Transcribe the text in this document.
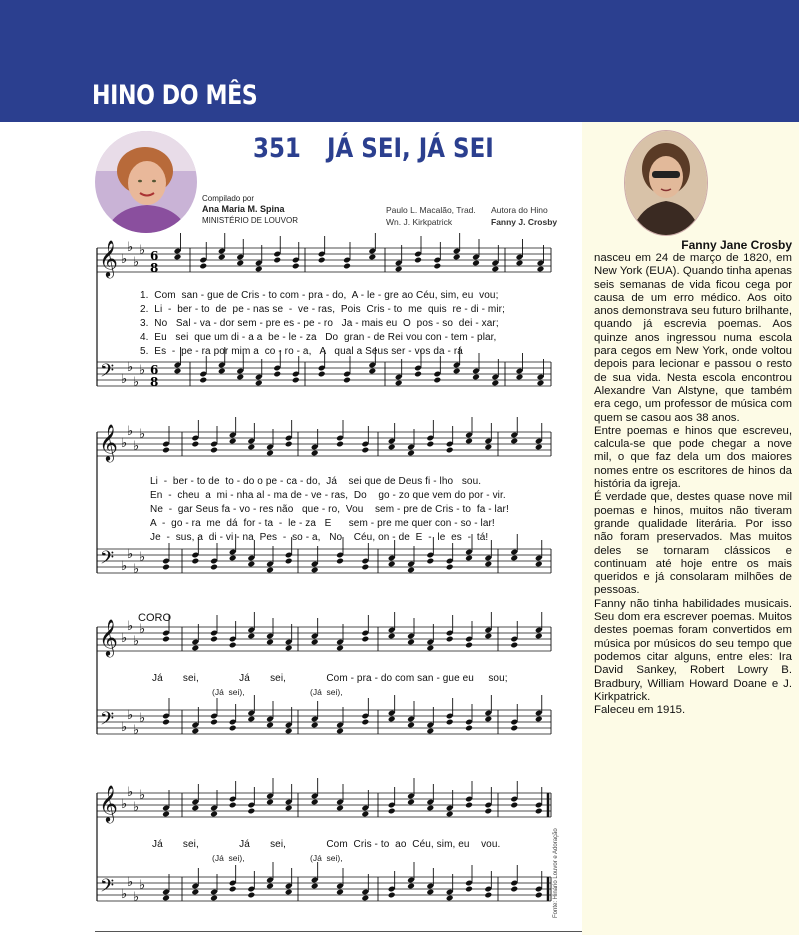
HINO DO MÊS
351 JÁ SEI, JÁ SEI
Compilado por
Ana Maria M. Spina
MINISTÉRIO DE LOUVOR
Paulo L. Macalão, Trad.
Wn. J. Kirkpatrick
Autora do Hino
Fanny J. Crosby
𝄞
𝄢
♭
♭
♭
♭
♭
♭
♭
♭
6
8
6
8
𝄞
𝄢
♭
♭
♭
♭
♭
♭
♭
♭
𝄞
𝄢
♭
♭
♭
♭
♭
♭
♭
♭
𝄞
𝄢
♭
♭
♭
♭
♭
♭
♭
♭
1.  Com  san - gue de Cris - to com - pra - do,  A - le - gre ao Céu, sim, eu  vou;
2.  Li  -  ber - to  de  pe - nas se  -  ve - ras,  Pois  Cris - to  me  quis  re - di - mir;
3.  No   Sal - va - dor sem - pre es - pe - ro   Ja - mais eu  O  pos - so  dei - xar;
4.  Eu   sei  que um di - a a  be - le - za   Do  gran - de Rei vou con - tem - plar,
5.  Es  -  pe - ra por mim a  co - ro - a,   A   qual a Seus ser - vos da - rá
Li  -  ber - to de  to - do o pe - ca - do,  Já    sei que de Deus fi - lho   sou.
En  -  cheu  a  mi - nha al - ma de - ve - ras,  Do    go - zo que vem do por - vir.
Ne  -  gar Seus fa - vo - res não   que - ro,  Vou    sem - pre de Cris - to  fa - lar!
A  -  go - ra  me  dá  for - ta  -  le - za   E      sem - pre me quer con - so - lar!
Je  -  sus, a  di - vi - na  Pes  -  so - a,   No    Céu, on - de  E  -  le  es  -  tá!
CORO
Já       sei,              Já       sei,              Com - pra - do com san - gue eu     sou;
(Já  sei),	(Já  sei),
Já       sei,              Já       sei,              Com  Cris - to  ao  Céu, sim, eu    vou.
(Já  sei),	(Já  sei),	Fonte: Hinário Louvor e Adoração
Fanny Jane Crosby

nasceu em 24 de março de 1820, em New York (EUA). Quando tinha apenas seis semanas de vida ficou cega por causa de um erro médico. Aos oito anos demonstrava seu futuro brilhante, quando já escrevia poemas. Aos quinze anos ingressou numa escola para cegos em New York, onde voltou depois para lecionar e passou o resto de sua vida. Nesta escola encontrou Alexandre Van Alstyne, que também era cego, um professor de música com quem se casou aos 38 anos.

Entre poemas e hinos que escreveu, calcula-se que pode chegar a nove mil, o que faz dela um dos maiores nomes entre os escritores de hinos da história da igreja.

É verdade que, destes quase nove mil poemas e hinos, muitos não tiveram grande qualidade literária. Por isso não foram preservados. Mas muitos deles se tornaram clássicos e continuam até hoje entre os mais queridos e já consolaram milhões de pessoas.

Fanny não tinha habilidades musicais. Seu dom era escrever poemas. Muitos destes poemas foram convertidos em música por músicos do seu tempo que podemos citar alguns, entre eles: Ira David Sankey, Robert Lowry B. Bradbury, William Howard Doane e J. Kirkpatrick.

Faleceu em 1915.
